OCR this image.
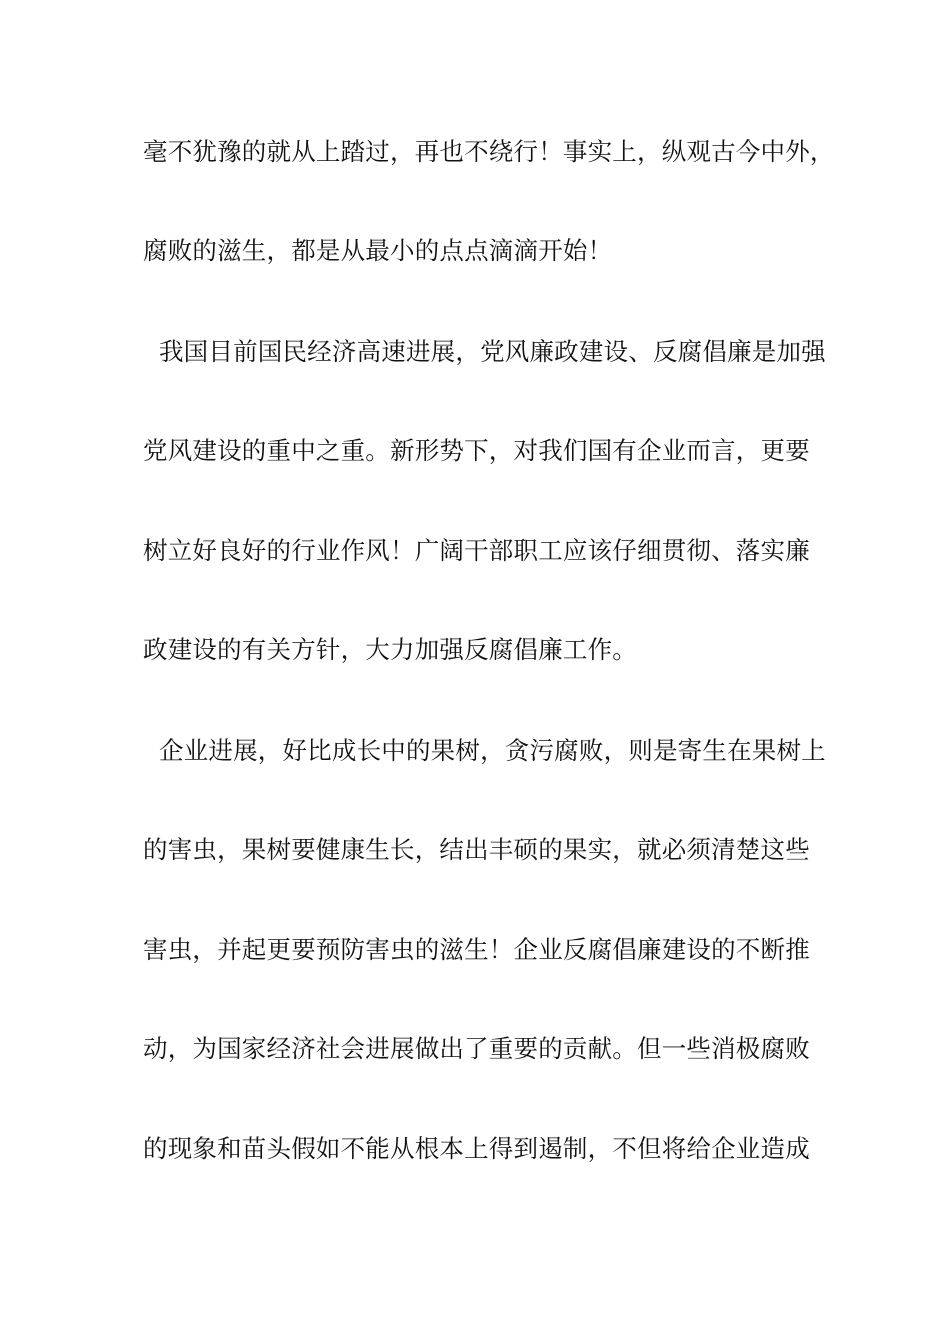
毫不犹豫的就从上踏过，再也不绕行！事实上，纵观古今中外，
腐败的滋生，都是从最小的点点滴滴开始！
我国目前国民经济高速进展，党风廉政建设、反腐倡廉是加强
党风建设的重中之重。新形势下，对我们国有企业而言，更要
树立好良好的行业作风！广阔干部职工应该仔细贯彻、落实廉
政建设的有关方针，大力加强反腐倡廉工作。
企业进展，好比成长中的果树，贪污腐败，则是寄生在果树上
的害虫，果树要健康生长，结出丰硕的果实，就必须清楚这些
害虫，并起更要预防害虫的滋生！企业反腐倡廉建设的不断推
动，为国家经济社会进展做出了重要的贡献。但一些消极腐败
的现象和苗头假如不能从根本上得到遏制，不但将给企业造成
